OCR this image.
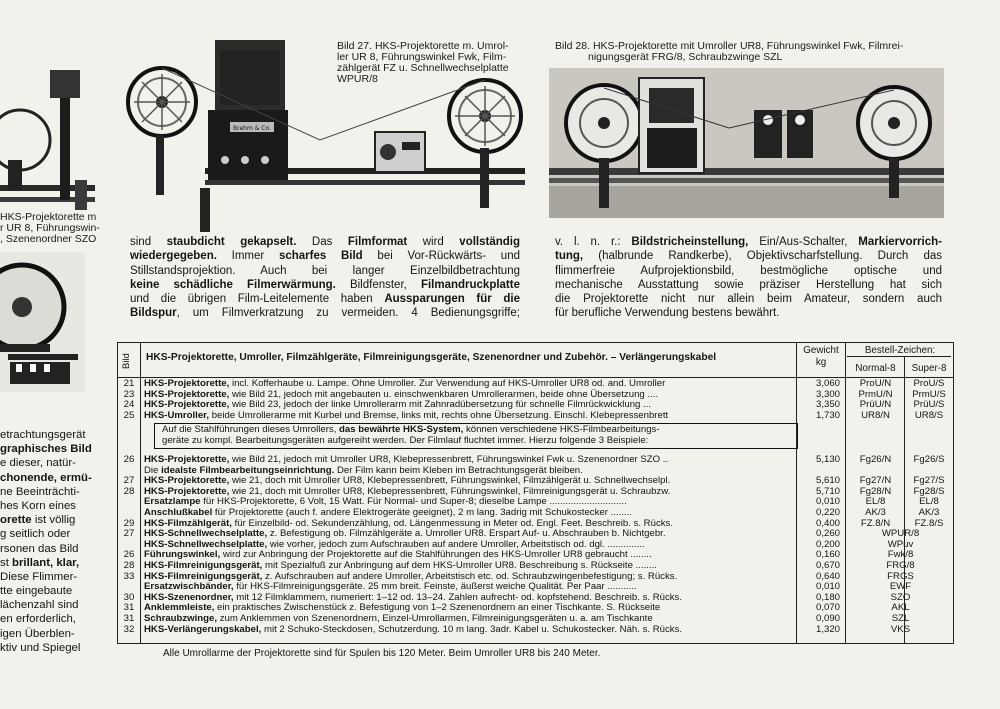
HKS-Projektorette m
r UR 8, Führungswin-
, Szenenordner SZO
Brehm & Co.
Bild 27. HKS-Projektorette m. Umrol-
ler UR 8, Führungswinkel Fwk, Film-
zählgerät FZ u. Schnellwechselplatte
WPUR/8
Bild 28. HKS-Projektorette mit Umroller UR8, Führungswinkel Fwk, Filmrei-
nigungsgerät FRG/8, Schraubzwinge SZL
sind staubdicht gekapselt. Das Filmformat wird vollständig
wiedergegeben. Immer scharfes Bild bei Vor-Rückwärts- und
Stillstandsprojektion. Auch bei langer Einzelbildbetrachtung
keine schädliche Filmerwärmung. Bildfenster, Filmandruckplatte
und die übrigen Film-Leitelemente haben Aussparungen für die
Bildspur, um Filmverkratzung zu vermeiden. 4 Bedienungsgriffe;
v. l. n. r.: Bildstricheinstellung, Ein/Aus-Schalter, Markiervorrich-
tung, (halbrunde Randkerbe), Objektivscharfstellung. Durch das
flimmerfreie Aufprojektionsbild, bestmögliche optische und
mechanische Ausstattung sowie präziser Herstellung hat sich
die Projektorette nicht nur allein beim Amateur, sondern auch
für berufliche Verwendung bestens bewährt.
etrachtungsgerät
graphisches Bild
e dieser, natür-
chonende, ermü-
ne Beeinträchti-
hes Korn eines
orette ist völlig
g seitlich oder
rsonen das Bild
st brillant, klar,
Diese Flimmer-
tte eingebaute
lächenzahl sind
en erforderlich,
igen Überblen-
ktiv und Spiegel
Bild HKS-Projektorette, Umroller, Filmzählgeräte, Filmreinigungsgeräte, Szenenordner und Zubehör. – Verlängerungskabel
Gewicht
kg
Bestell-Zeichen:
Normal-8	Super-8
21	HKS-Projektorette, incl. Kofferhaube u. Lampe. Ohne Umroller. Zur Verwendung auf HKS-Umroller UR8 od. and. Umroller	3,060	ProU/N	ProU/S
23	HKS-Projektorette, wie Bild 21, jedoch mit angebauten u. einschwenkbaren Umrollerarmen, beide ohne Übersetzung ....	3,300	PrmU/N	PrmU/S
24	HKS-Projektorette, wie Bild 23, jedoch der linke Umrollerarm mit Zahnradübersetzung für schnelle Filmrückwicklung ...	3,350	PrüU/N	PrüU/S
25	HKS-Umroller, beide Umrollerarme mit Kurbel und Bremse, links mit, rechts ohne Übersetzung. Einschl. Klebepressenbrett	1,730	UR8/N	UR8/S
Auf die Stahlführungen dieses Umrollers, das bewährte HKS-System, können verschiedene HKS-Filmbearbeitungs-
geräte zu kompl. Bearbeitungsgeräten aufgereiht werden. Der Filmlauf fluchtet immer. Hierzu folgende 3 Beispiele:
26	HKS-Projektorette, wie Bild 21, jedoch mit Umroller UR8, Klebepressenbrett, Führungswinkel Fwk u. Szenenordner SZO ..	5,130	Fg26/N	Fg26/S
Die idealste Filmbearbeitungseinrichtung. Der Film kann beim Kleben im Betrachtungsgerät bleiben.
27	HKS-Projektorette, wie 21, doch mit Umroller UR8, Klebepressenbrett, Führungswinkel, Filmzählgerät u. Schnellwechselpl.	5,610	Fg27/N	Fg27/S
28	HKS-Projektorette, wie 21, doch mit Umroller UR8, Klebepressenbrett, Führungswinkel, Filmreinigungsgerät u. Schraubzw.	5,710	Fg28/N	Fg28/S
Ersatzlampe für HKS-Projektorette, 6 Volt, 15 Watt. Für Normal- und Super-8; dieselbe Lampe .............................	0,010	EL/8	EL/8
Anschlußkabel für Projektorette (auch f. andere Elektrogeräte geeignet), 2 m lang. 3adrig mit Schukostecker ........	0,220	AK/3	AK/3
29	HKS-Filmzählgerät, für Einzelbild- od. Sekundenzählung, od. Längenmessung in Meter od. Engl. Feet. Beschreib. s. Rücks.	0,400	FZ.8/N	FZ.8/S
27	HKS-Schnellwechselplatte, z. Befestigung ob. Filmzählgeräte a. Umroller UR8. Erspart Auf- u. Abschrauben b. Nichtgebr.	0,260	WPUR/8
HKS-Schnellwechselplatte, wie vorher, jedoch zum Aufschrauben auf andere Umroller, Arbeitstisch od. dgl. ..............	0,200	WPuv
26	Führungswinkel, wird zur Anbringung der Projektorette auf die Stahlführungen des HKS-Umroller UR8 gebraucht ........	0,160	Fwk/8
28	HKS-Filmreinigungsgerät, mit Spezialfuß zur Anbringung auf dem HKS-Umroller UR8. Beschreibung s. Rückseite ........	0,670	FRG/8
33	HKS-Filmreinigungsgerät, z. Aufschrauben auf andere Umroller, Arbeitstisch etc. od. Schraubzwingenbefestigung; s. Rücks.	0,640	FRGS
Ersatzwischbänder, für HKS-Filmreinigungsgeräte. 25 mm breit. Feinste, äußerst weiche Qualität. Per Paar ...........	0,010	EWF
30	HKS-Szenenordner, mit 12 Filmklammern, numeriert: 1–12 od. 13–24. Zahlen aufrecht- od. kopfstehend. Beschreib. s. Rücks.	0,180	SZO
31	Anklemmleiste, ein praktisches Zwischenstück z. Befestigung von 1–2 Szenenordnern an einer Tischkante. S. Rückseite	0,070	AKL
31	Schraubzwinge, zum Anklemmen von Szenenordnern, Einzel-Umrollarmen, Filmreinigungsgeräten u. a. am Tischkante	0,090	SZL
32	HKS-Verlängerungskabel, mit 2 Schuko-Steckdosen, Schutzerdung. 10 m lang. 3adr. Kabel u. Schukostecker. Näh. s. Rücks.	1,320	VKS
Alle Umrollarme der Projektorette sind für Spulen bis 120 Meter. Beim Umroller UR8 bis 240 Meter.
